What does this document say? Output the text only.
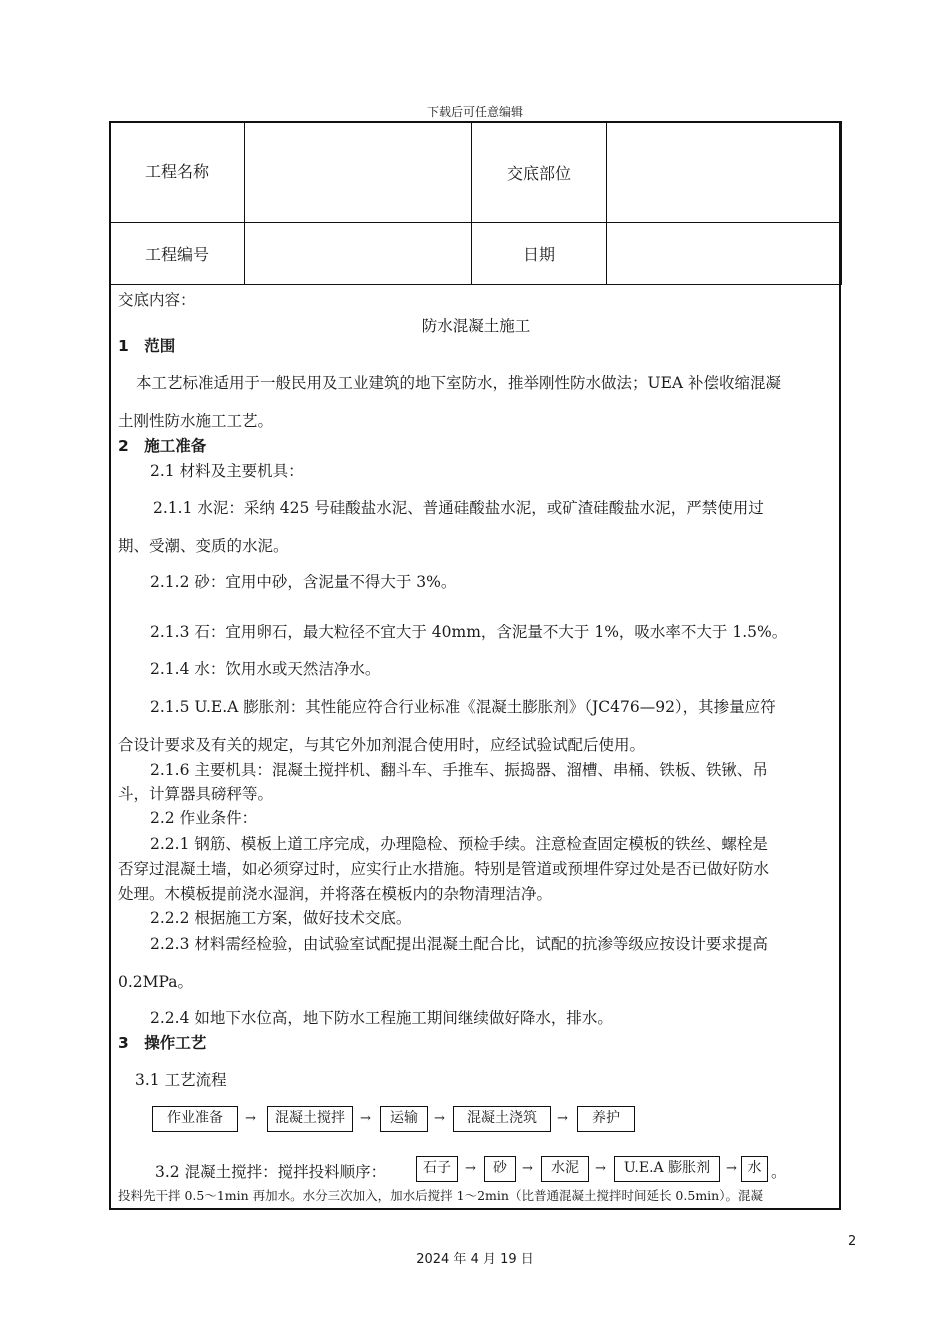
下载后可任意编辑
工程名称		交底部位	
工程编号		日期	
交底内容：
防水混凝土施工
1　范围
本工艺标准适用于一般民用及工业建筑的地下室防水，推举刚性防水做法；UEA 补偿收缩混凝
土刚性防水施工工艺。
2　施工准备
2.1 材料及主要机具：
2.1.1 水泥：采纳 425 号硅酸盐水泥、普通硅酸盐水泥，或矿渣硅酸盐水泥，严禁使用过
期、受潮、变质的水泥。
2.1.2 砂：宜用中砂，含泥量不得大于 3%。
2.1.3 石：宜用卵石，最大粒径不宜大于 40mm，含泥量不大于 1%，吸水率不大于 1.5%。
2.1.4 水：饮用水或天然洁净水。
2.1.5 U.E.A 膨胀剂：其性能应符合行业标准《混凝土膨胀剂》（JC476—92），其掺量应符
合设计要求及有关的规定，与其它外加剂混合使用时，应经试验试配后使用。
2.1.6 主要机具：混凝土搅拌机、翻斗车、手推车、振捣器、溜槽、串桶、铁板、铁锹、吊
斗，计算器具磅秤等。
2.2 作业条件：
2.2.1 钢筋、模板上道工序完成，办理隐检、预检手续。注意检查固定模板的铁丝、螺栓是
否穿过混凝土墙，如必须穿过时，应实行止水措施。特别是管道或预埋件穿过处是否已做好防水
处理。木模板提前浇水湿润，并将落在模板内的杂物清理洁净。
2.2.2 根据施工方案，做好技术交底。
2.2.3 材料需经检验，由试验室试配提出混凝土配合比，试配的抗渗等级应按设计要求提高
0.2MPa。
2.2.4 如地下水位高，地下防水工程施工期间继续做好降水，排水。
3　操作工艺
3.1 工艺流程
作业准备	→	混凝土搅拌	→	运输	→	混凝土浇筑	→	养护
3.2 混凝土搅拌：搅拌投料顺序：	石子	→	砂	→	水泥	→	U.E.A 膨胀剂	→ 水 。
投料先干拌 0.5～1min 再加水。水分三次加入，加水后搅拌 1～2min（比普通混凝土搅拌时间延长 0.5min）。混凝
2
2024 年 4 月 19 日
